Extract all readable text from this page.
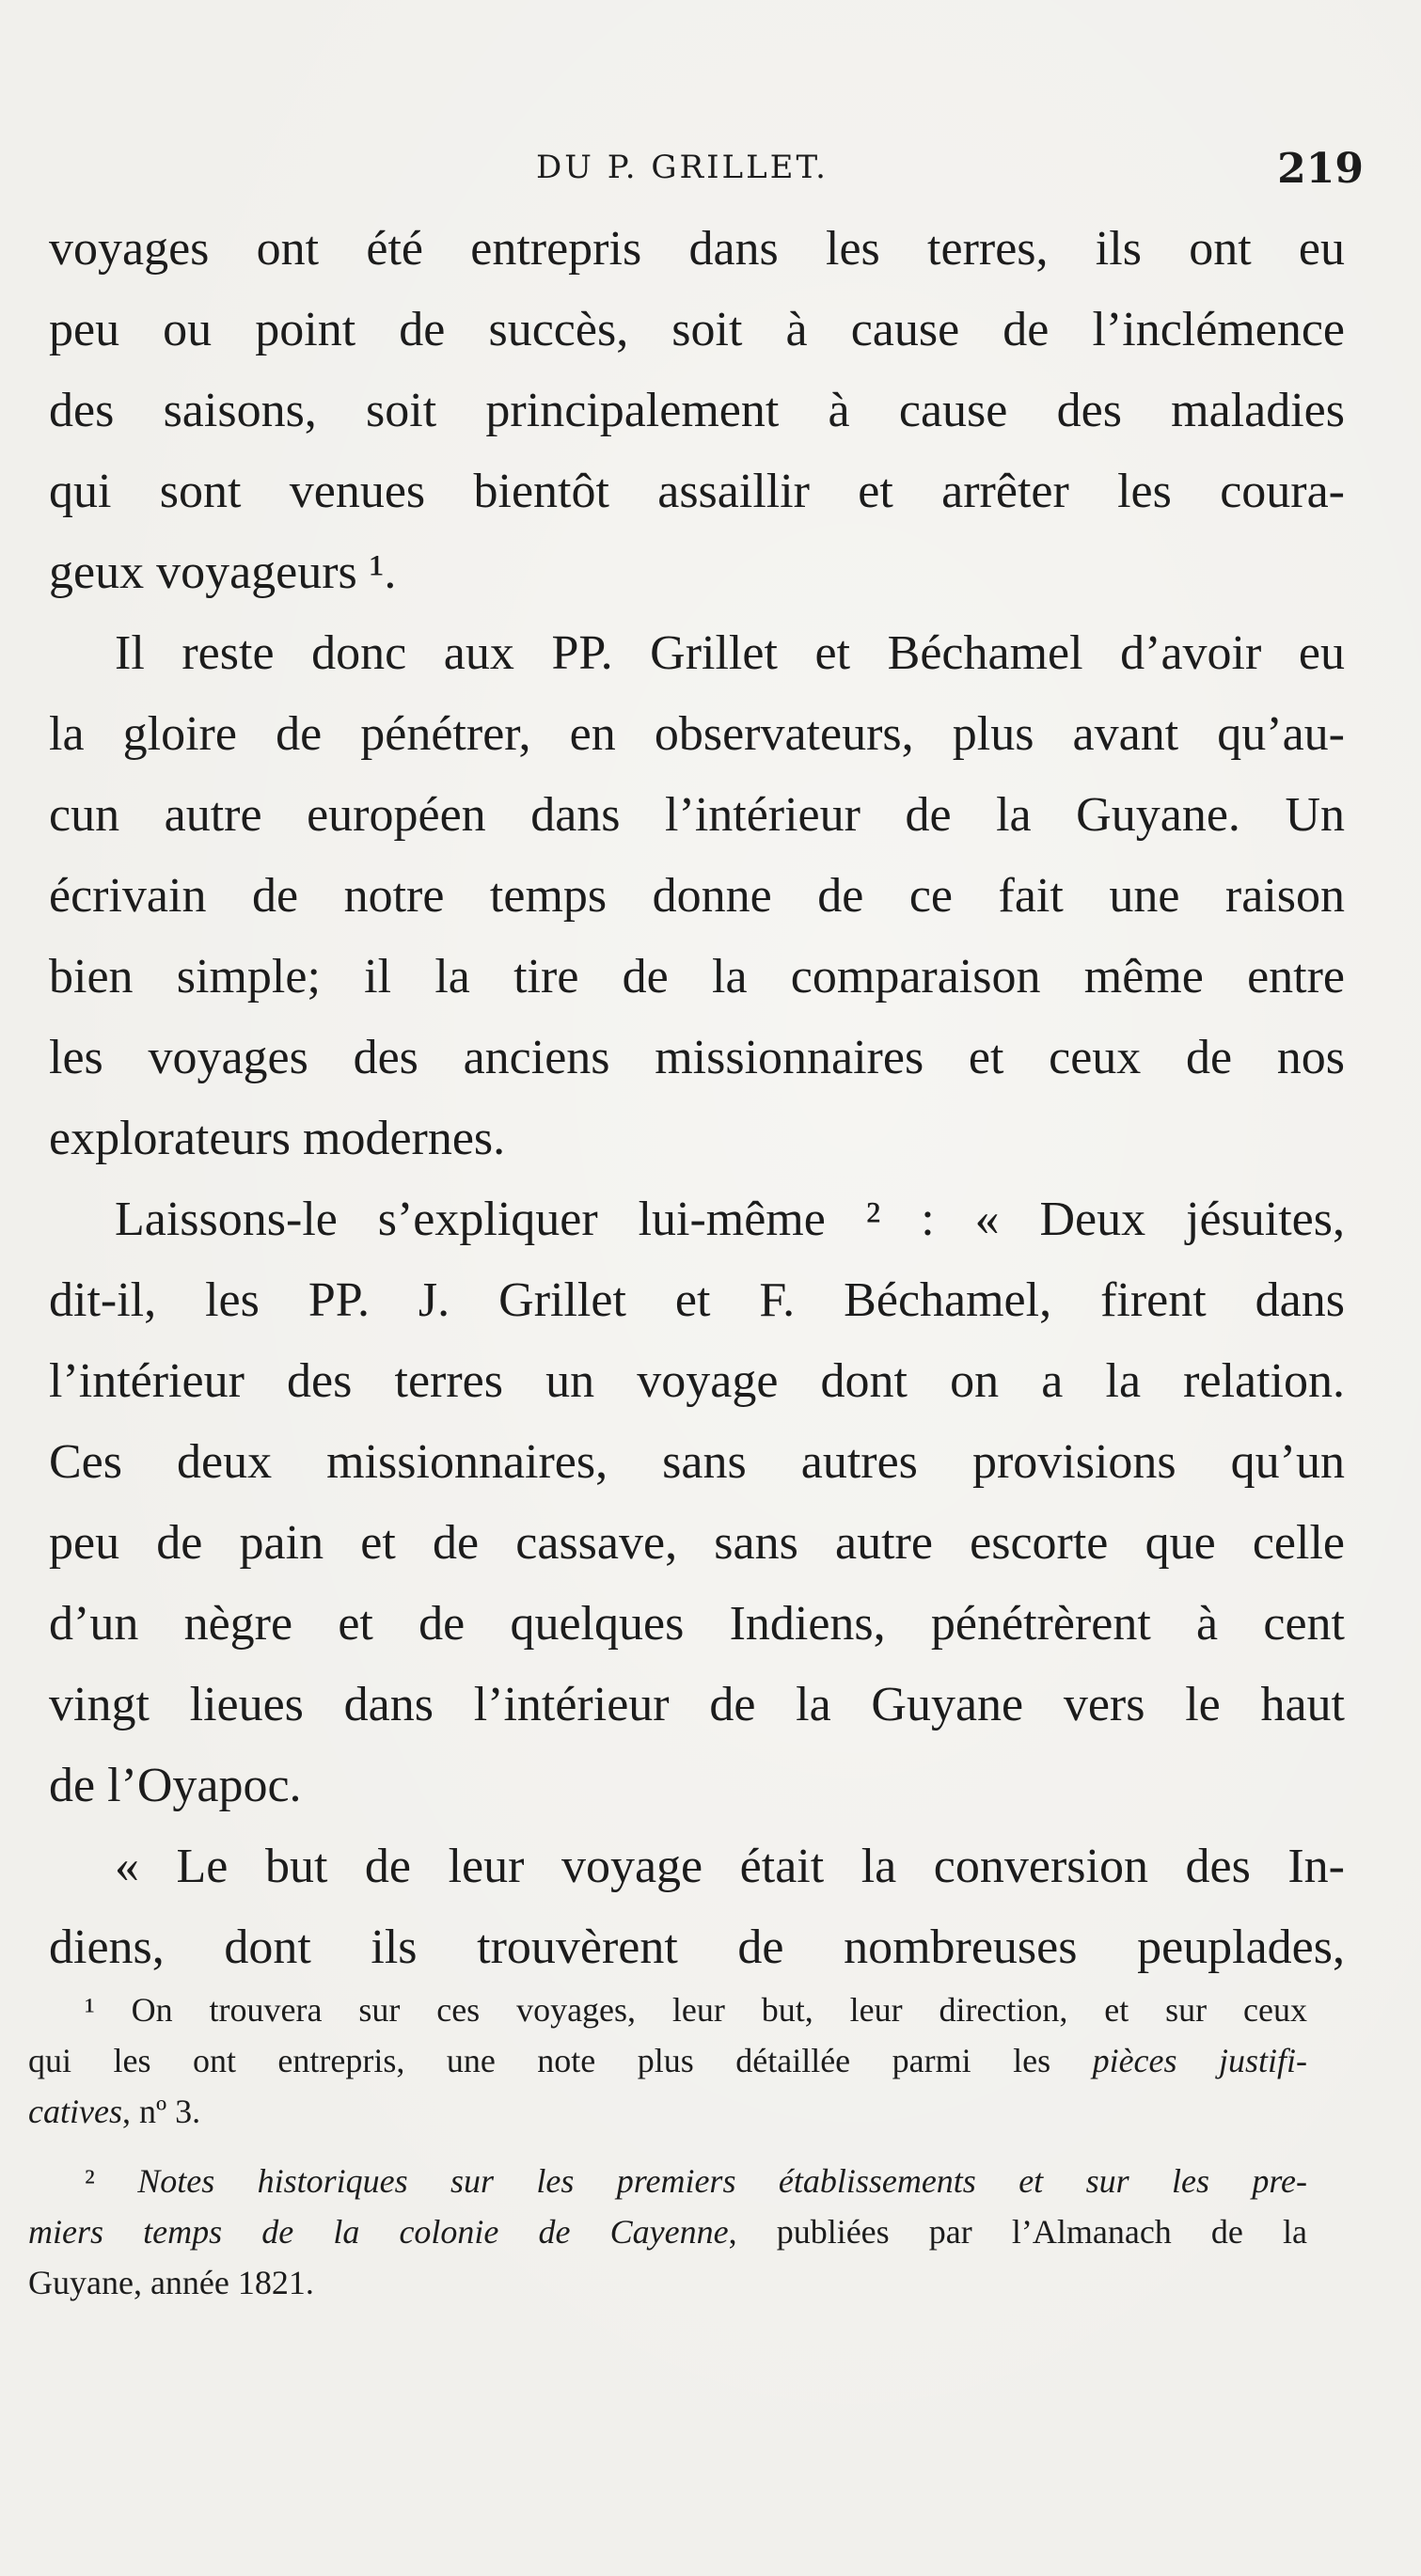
DU P. GRILLET.	219
voyages ont été entrepris dans les terres, ils ont eu
peu ou point de succès, soit à cause de l’inclémence
des saisons, soit principalement à cause des maladies
qui sont venues bientôt assaillir et arrêter les coura-
geux voyageurs ¹.
Il reste donc aux PP. Grillet et Béchamel d’avoir eu
la gloire de pénétrer, en observateurs, plus avant qu’au-
cun autre européen dans l’intérieur de la Guyane. Un
écrivain de notre temps donne de ce fait une raison
bien simple; il la tire de la comparaison même entre
les voyages des anciens missionnaires et ceux de nos
explorateurs modernes.
Laissons-le s’expliquer lui-même ² : « Deux jésuites,
dit-il, les PP. J. Grillet et F. Béchamel, firent dans
l’intérieur des terres un voyage dont on a la relation.
Ces deux missionnaires, sans autres provisions qu’un
peu de pain et de cassave, sans autre escorte que celle
d’un nègre et de quelques Indiens, pénétrèrent à cent
vingt lieues dans l’intérieur de la Guyane vers le haut
de l’Oyapoc.
« Le but de leur voyage était la conversion des In-
diens, dont ils trouvèrent de nombreuses peuplades,
¹ On trouvera sur ces voyages, leur but, leur direction, et sur ceux
qui les ont entrepris, une note plus détaillée parmi les pièces justifi-
catives, nº 3.
² Notes historiques sur les premiers établissements et sur les pre-
miers temps de la colonie de Cayenne, publiées par l’Almanach de la
Guyane, année 1821.
